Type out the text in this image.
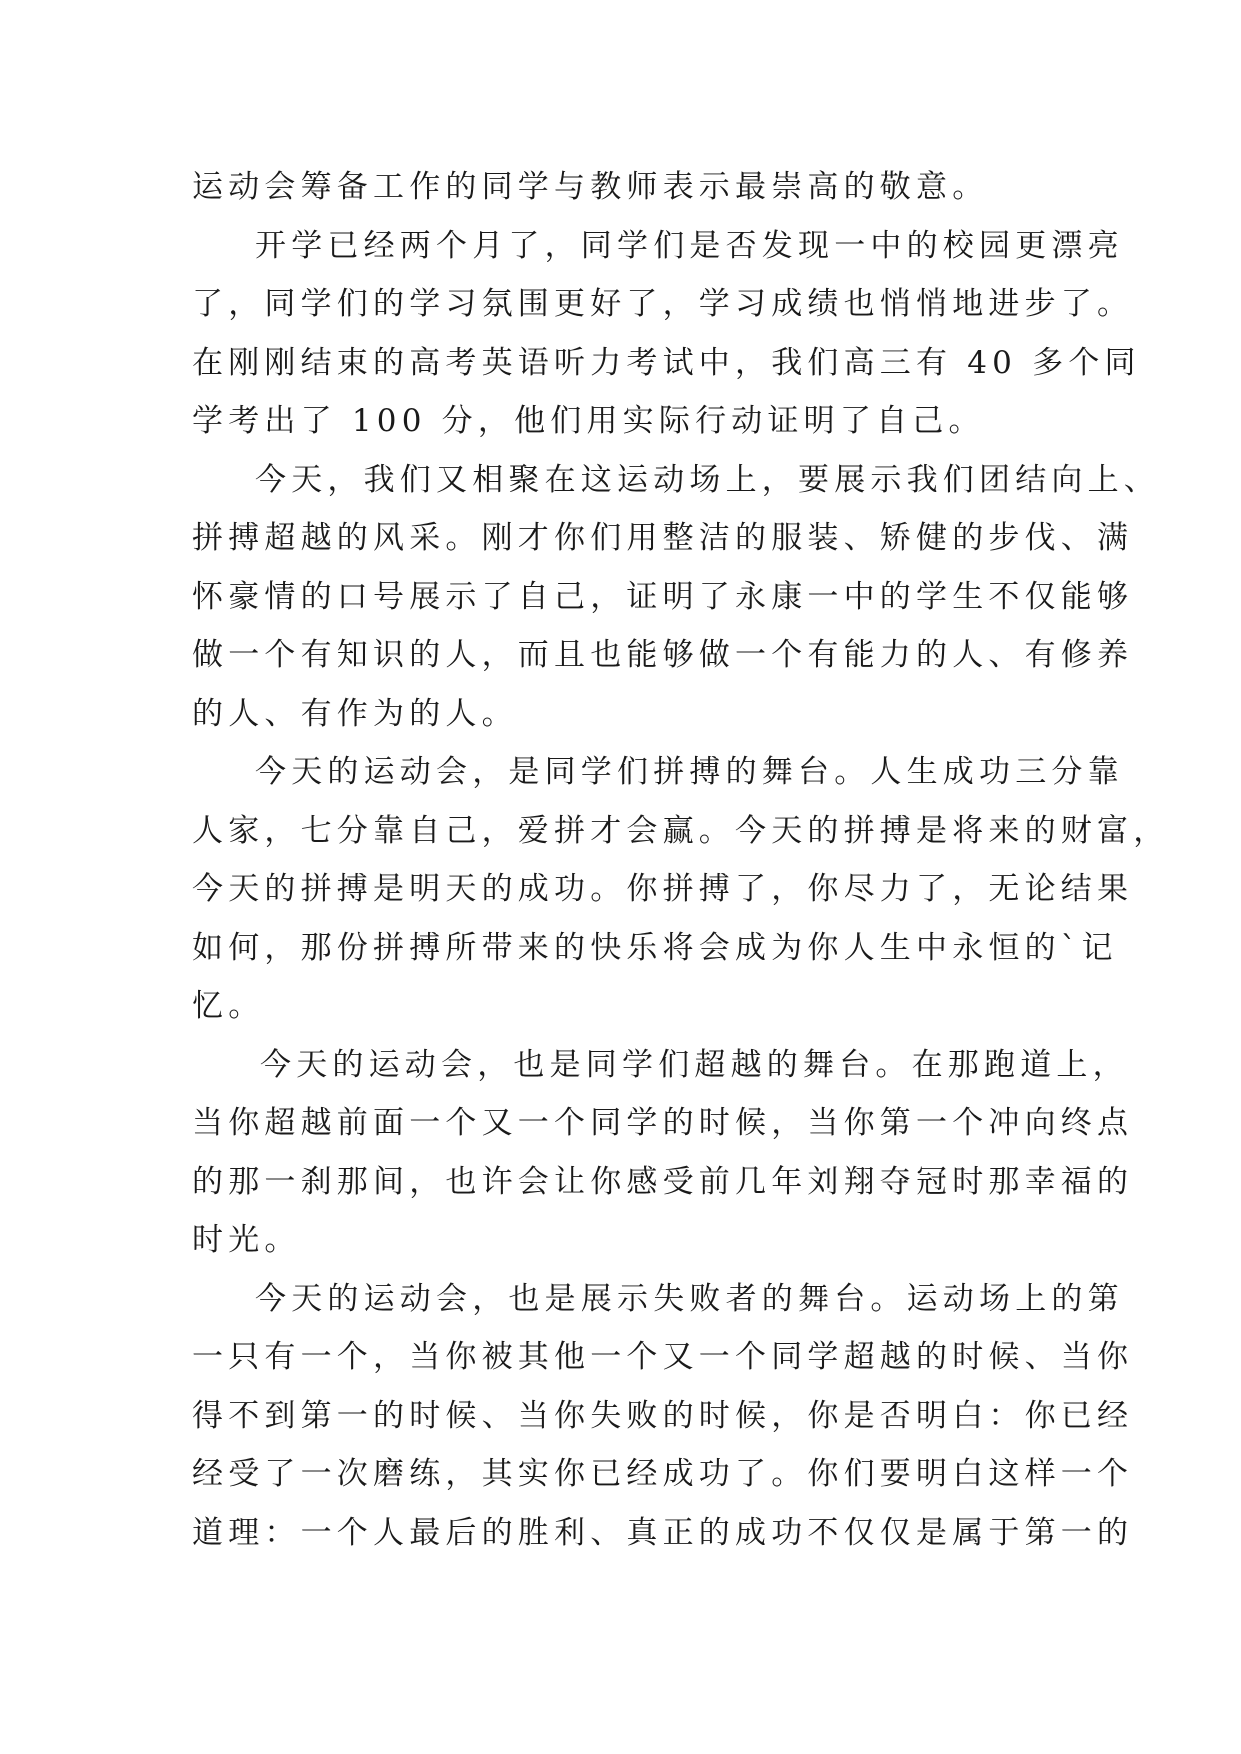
运动会筹备工作的同学与教师表示最崇高的敬意。
开学已经两个月了，同学们是否发现一中的校园更漂亮
了，同学们的学习氛围更好了，学习成绩也悄悄地进步了。
在刚刚结束的高考英语听力考试中，我们高三有 40 多个同
学考出了 100 分，他们用实际行动证明了自己。
今天，我们又相聚在这运动场上，要展示我们团结向上、
拼搏超越的风采。刚才你们用整洁的服装、矫健的步伐、满
怀豪情的口号展示了自己，证明了永康一中的学生不仅能够
做一个有知识的人，而且也能够做一个有能力的人、有修养
的人、有作为的人。
今天的运动会，是同学们拼搏的舞台。人生成功三分靠
人家，七分靠自己，爱拼才会赢。今天的拼搏是将来的财富，
今天的拼搏是明天的成功。你拼搏了，你尽力了，无论结果
如何，那份拼搏所带来的快乐将会成为你人生中永恒的`记
忆。
今天的运动会，也是同学们超越的舞台。在那跑道上，
当你超越前面一个又一个同学的时候，当你第一个冲向终点
的那一刹那间，也许会让你感受前几年刘翔夺冠时那幸福的
时光。
今天的运动会，也是展示失败者的舞台。运动场上的第
一只有一个，当你被其他一个又一个同学超越的时候、当你
得不到第一的时候、当你失败的时候，你是否明白：你已经
经受了一次磨练，其实你已经成功了。你们要明白这样一个
道理：一个人最后的胜利、真正的成功不仅仅是属于第一的
